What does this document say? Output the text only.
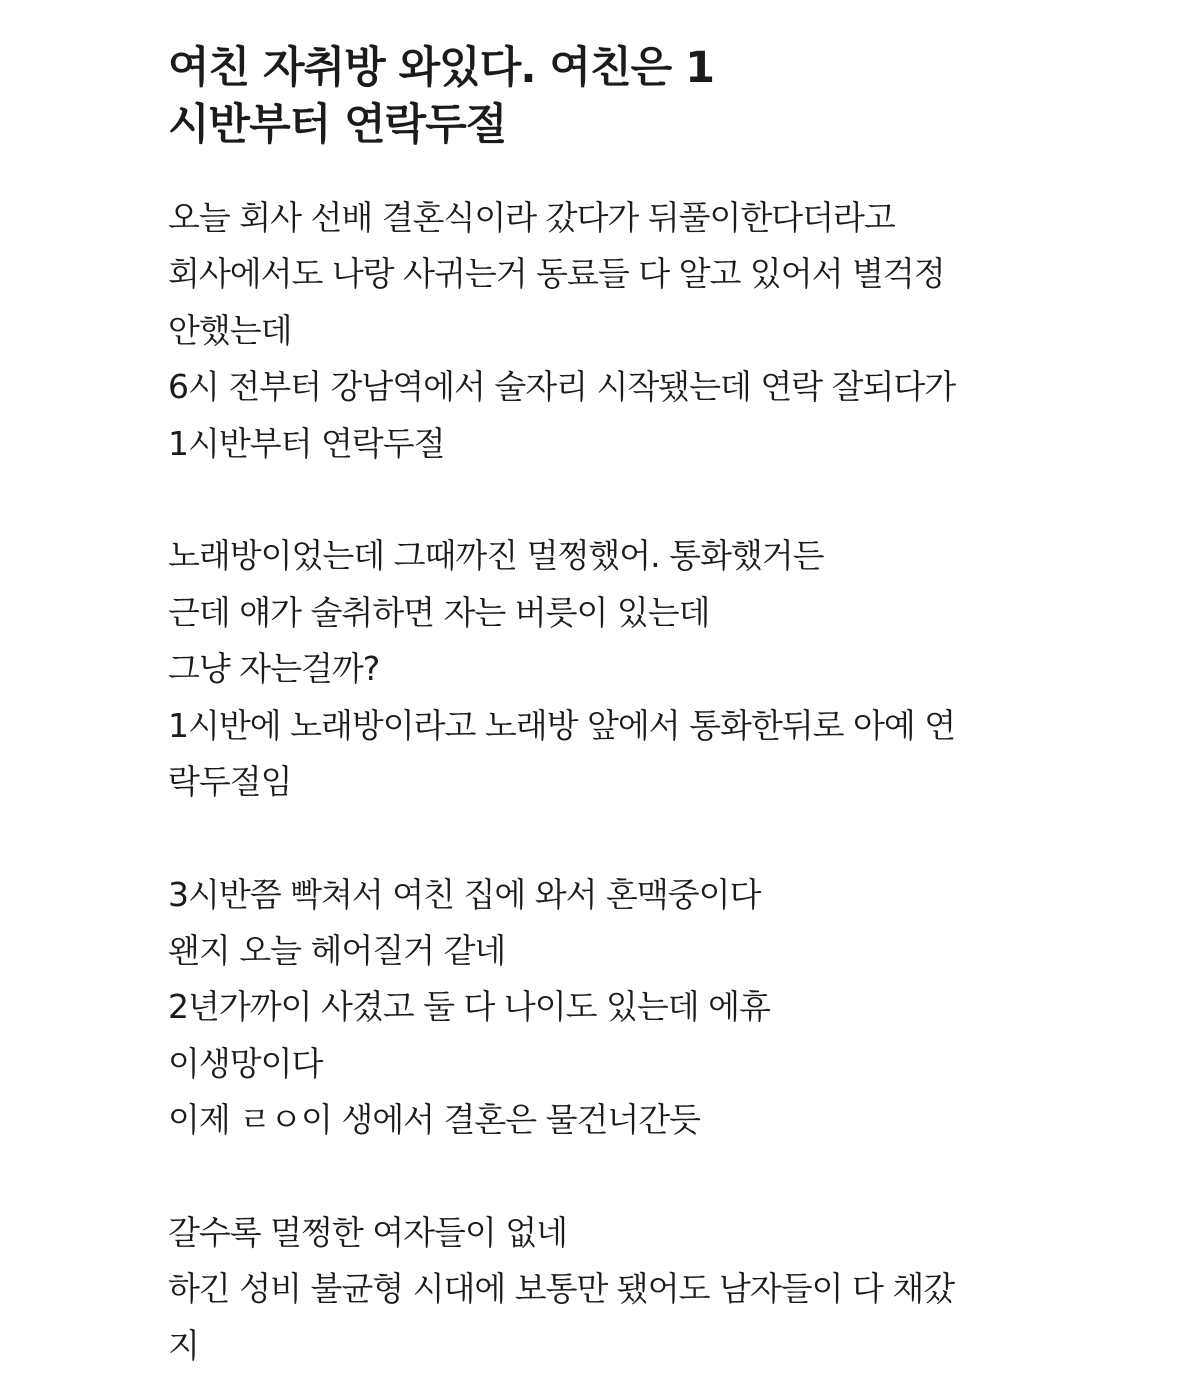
여친 자취방 와있다. 여친은 1
시반부터 연락두절
오늘 회사 선배 결혼식이라 갔다가 뒤풀이한다더라고
회사에서도 나랑 사귀는거 동료들 다 알고 있어서 별걱정
안했는데
6시 전부터 강남역에서 술자리 시작됐는데 연락 잘되다가
1시반부터 연락두절
노래방이었는데 그때까진 멀쩡했어. 통화했거든
근데 얘가 술취하면 자는 버릇이 있는데
그냥 자는걸까?
1시반에 노래방이라고 노래방 앞에서 통화한뒤로 아예 연
락두절임
3시반쯤 빡쳐서 여친 집에 와서 혼맥중이다
왠지 오늘 헤어질거 같네
2년가까이 사겼고 둘 다 나이도 있는데 에휴
이생망이다
이제 ㄹㅇ이 생에서 결혼은 물건너간듯
갈수록 멀쩡한 여자들이 없네
하긴 성비 불균형 시대에 보통만 됐어도 남자들이 다 채갔
지
